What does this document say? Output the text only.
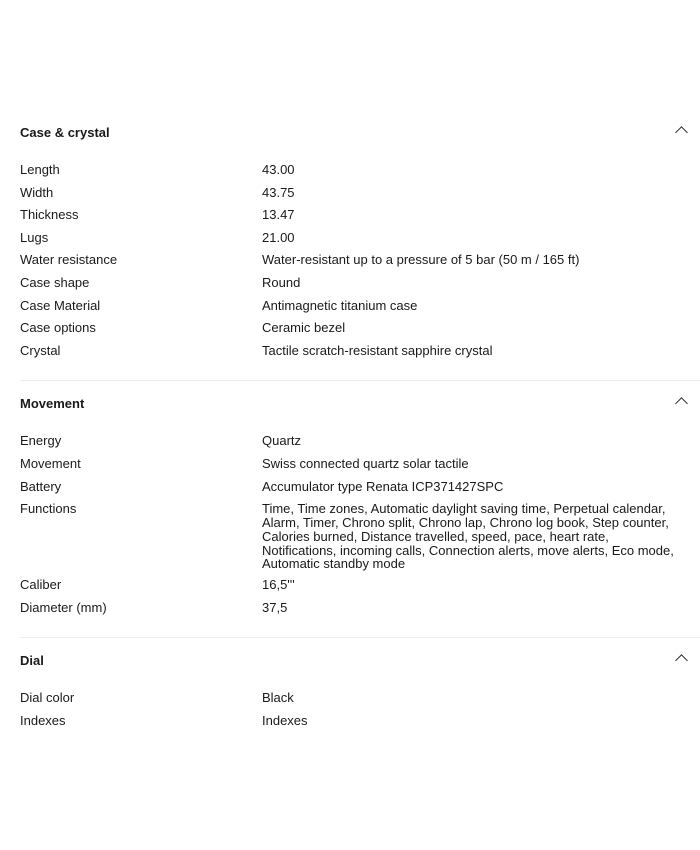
Case & crystal
Length	43.00
Width	43.75
Thickness	13.47
Lugs	21.00
Water resistance	Water-resistant up to a pressure of 5 bar (50 m / 165 ft)
Case shape	Round
Case Material	Antimagnetic titanium case
Case options	Ceramic bezel
Crystal	Tactile scratch-resistant sapphire crystal
Movement
Energy	Quartz
Movement	Swiss connected quartz solar tactile
Battery	Accumulator type Renata ICP371427SPC
Functions	Time, Time zones, Automatic daylight saving time, Perpetual calendar, Alarm, Timer, Chrono split, Chrono lap, Chrono log book, Step counter, Calories burned, Distance travelled, speed, pace, heart rate, Notifications, incoming calls, Connection alerts, move alerts, Eco mode, Automatic standby mode
Caliber	16,5'''
Diameter (mm)	37,5
Dial
Dial color	Black
Indexes	Indexes
